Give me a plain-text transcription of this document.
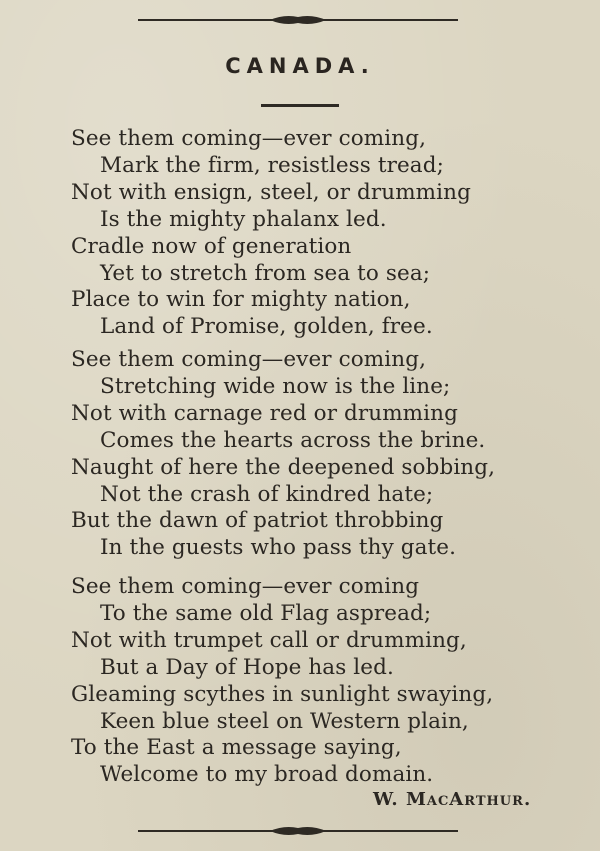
CANADA.
See them coming—ever coming,
Mark the firm, resistless tread;
Not with ensign, steel, or drumming
Is the mighty phalanx led.
Cradle now of generation
Yet to stretch from sea to sea;
Place to win for mighty nation,
Land of Promise, golden, free.
See them coming—ever coming,
Stretching wide now is the line;
Not with carnage red or drumming
Comes the hearts across the brine.
Naught of here the deepened sobbing,
Not the crash of kindred hate;
But the dawn of patriot throbbing
In the guests who pass thy gate.
See them coming—ever coming
To the same old Flag aspread;
Not with trumpet call or drumming,
But a Day of Hope has led.
Gleaming scythes in sunlight swaying,
Keen blue steel on Western plain,
To the East a message saying,
Welcome to my broad domain.
W. MacArthur.
